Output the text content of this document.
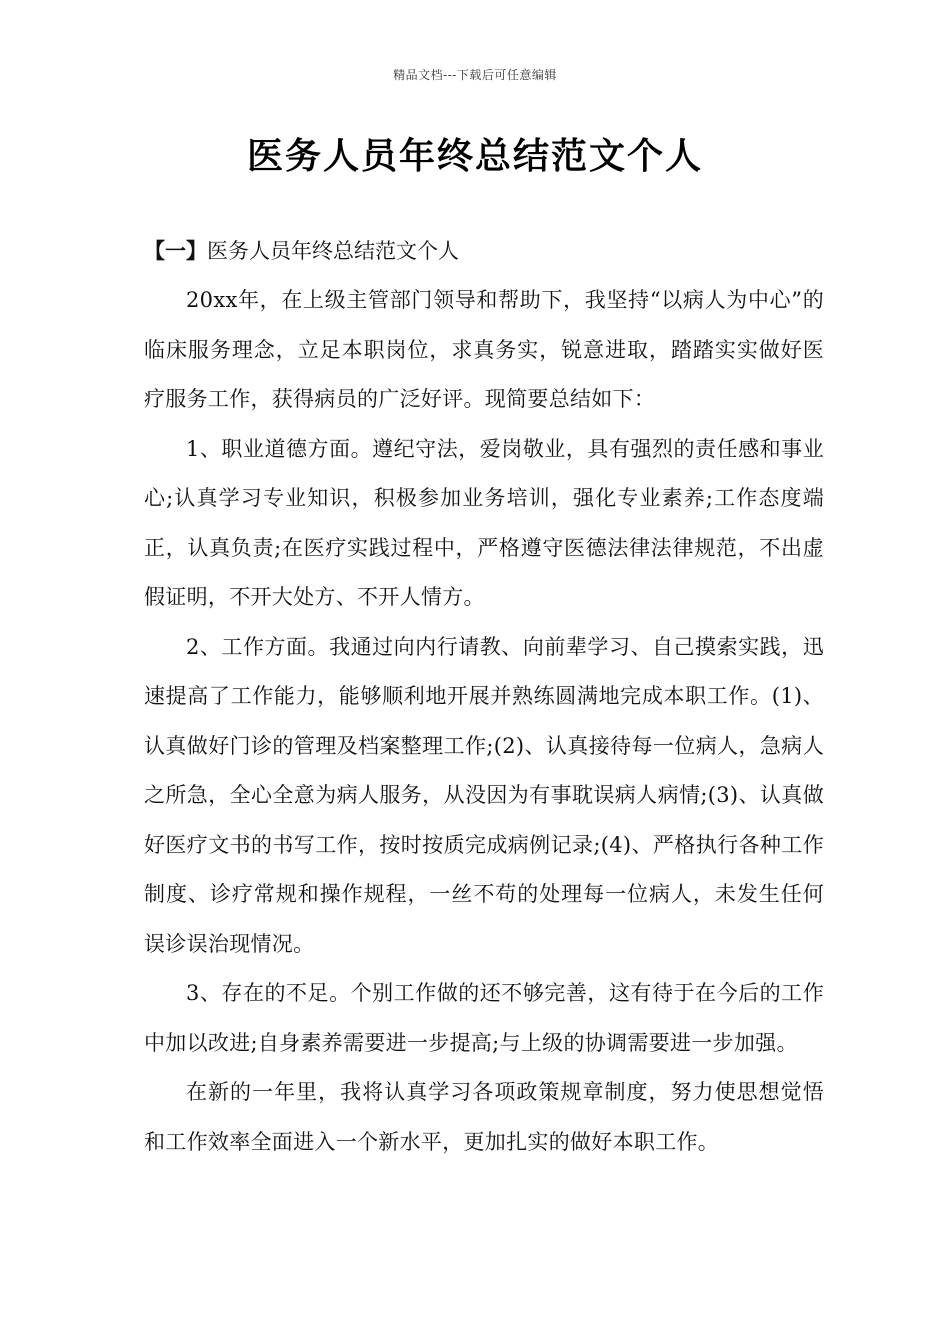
精品文档---下载后可任意编辑
医务人员年终总结范文个人

【一】医务人员年终总结范文个人

20xx年，在上级主管部门领导和帮助下，我坚持“以病人为中心”的临床服务理念，立足本职岗位，求真务实，锐意进取，踏踏实实做好医疗服务工作，获得病员的广泛好评。现简要总结如下：

1、职业道德方面。遵纪守法，爱岗敬业，具有强烈的责任感和事业心;认真学习专业知识，积极参加业务培训，强化专业素养;工作态度端正，认真负责;在医疗实践过程中，严格遵守医德法律法律规范，不出虚假证明，不开大处方、不开人情方。

2、工作方面。我通过向内行请教、向前辈学习、自己摸索实践，迅速提高了工作能力，能够顺利地开展并熟练圆满地完成本职工作。(1)、认真做好门诊的管理及档案整理工作;(2)、认真接待每一位病人，急病人之所急，全心全意为病人服务，从没因为有事耽误病人病情;(3)、认真做好医疗文书的书写工作，按时按质完成病例记录;(4)、严格执行各种工作制度、诊疗常规和操作规程，一丝不苟的处理每一位病人，未发生任何误诊误治现情况。

3、存在的不足。个别工作做的还不够完善，这有待于在今后的工作中加以改进;自身素养需要进一步提高;与上级的协调需要进一步加强。

在新的一年里，我将认真学习各项政策规章制度，努力使思想觉悟和工作效率全面进入一个新水平，更加扎实的做好本职工作。
